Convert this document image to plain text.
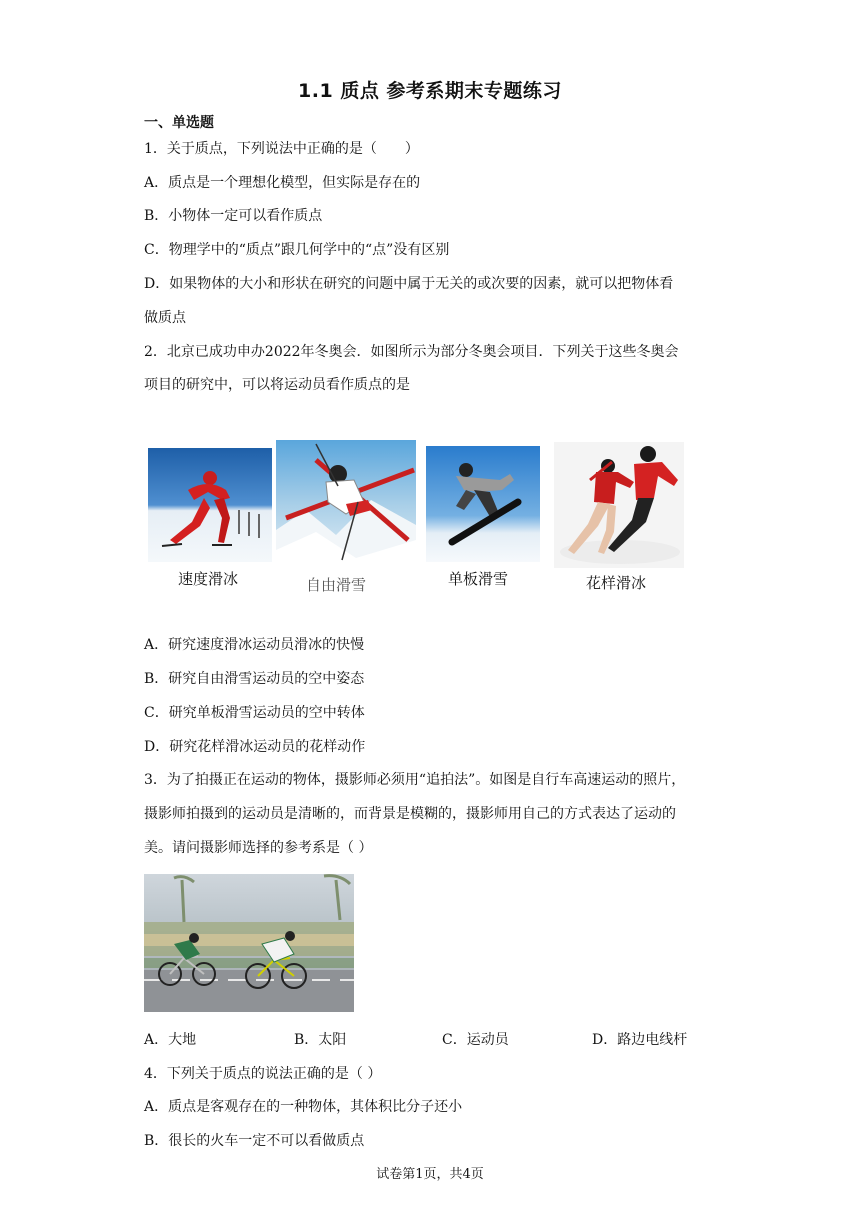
1.1 质点 参考系期末专题练习
一、单选题
1．关于质点，下列说法中正确的是（　　）
A．质点是一个理想化模型，但实际是存在的
B．小物体一定可以看作质点
C．物理学中的“质点”跟几何学中的“点”没有区别
D．如果物体的大小和形状在研究的问题中属于无关的或次要的因素，就可以把物体看
做质点
2．北京已成功申办2022年冬奥会．如图所示为部分冬奥会项目．下列关于这些冬奥会
项目的研究中，可以将运动员看作质点的是
速度滑冰	自由滑雪	单板滑雪	花样滑冰
A．研究速度滑冰运动员滑冰的快慢
B．研究自由滑雪运动员的空中姿态
C．研究单板滑雪运动员的空中转体
D．研究花样滑冰运动员的花样动作
3．为了拍摄正在运动的物体，摄影师必须用“追拍法”。如图是自行车高速运动的照片，
摄影师拍摄到的运动员是清晰的，而背景是模糊的，摄影师用自己的方式表达了运动的
美。请问摄影师选择的参考系是（ ）
A．大地	B．太阳	C．运动员	D．路边电线杆
4．下列关于质点的说法正确的是（ ）
A．质点是客观存在的一种物体，其体积比分子还小
B．很长的火车一定不可以看做质点
试卷第1页，共4页
